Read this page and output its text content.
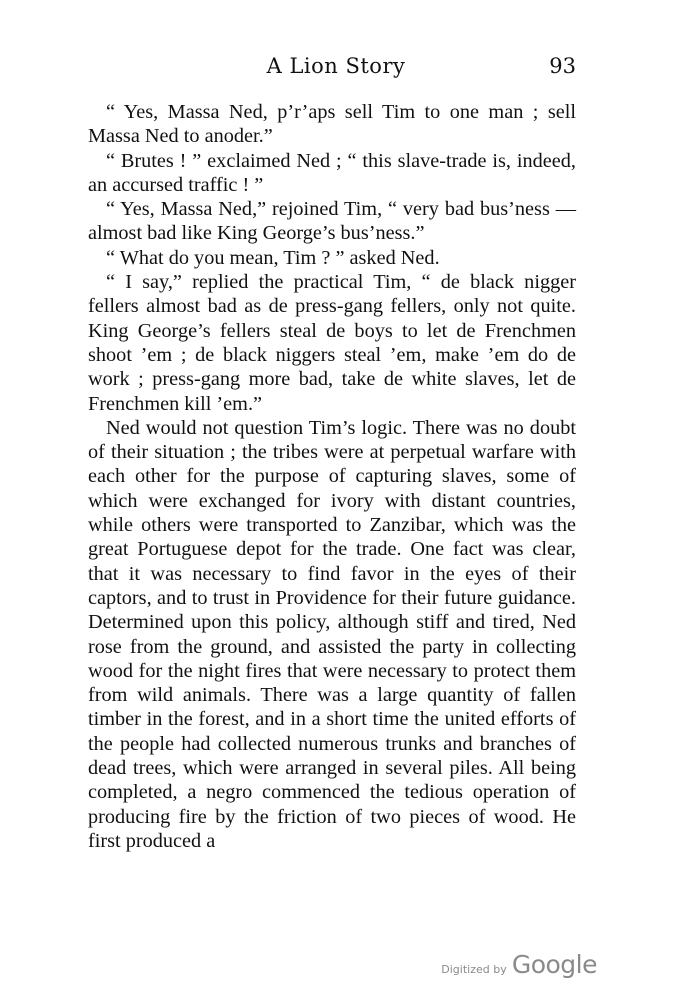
A Lion Story	93

“ Yes, Massa Ned, p’r’aps sell Tim to one man ; sell Massa Ned to anoder.”

“ Brutes ! ” exclaimed Ned ; “ this slave-trade is, indeed, an accursed traffic ! ”

“ Yes, Massa Ned,” rejoined Tim, “ very bad bus’ness —almost bad like King George’s bus’ness.”

“ What do you mean, Tim ? ” asked Ned.

“ I say,” replied the practical Tim, “ de black nigger fellers almost bad as de press-gang fellers, only not quite. King George’s fellers steal de boys to let de Frenchmen shoot ’em ; de black niggers steal ’em, make ’em do de work ; press-gang more bad, take de white slaves, let de Frenchmen kill ’em.”

Ned would not question Tim’s logic. There was no doubt of their situation ; the tribes were at perpetual warfare with each other for the purpose of capturing slaves, some of which were exchanged for ivory with distant countries, while others were transported to Zanzibar, which was the great Portuguese depot for the trade. One fact was clear, that it was necessary to find favor in the eyes of their captors, and to trust in Providence for their future guidance. Determined upon this policy, although stiff and tired, Ned rose from the ground, and assisted the party in collecting wood for the night fires that were necessary to protect them from wild animals. There was a large quantity of fallen timber in the forest, and in a short time the united efforts of the people had collected numerous trunks and branches of dead trees, which were arranged in several piles. All being completed, a negro commenced the tedious operation of producing fire by the friction of two pieces of wood. He first produced a

Digitized by Google
